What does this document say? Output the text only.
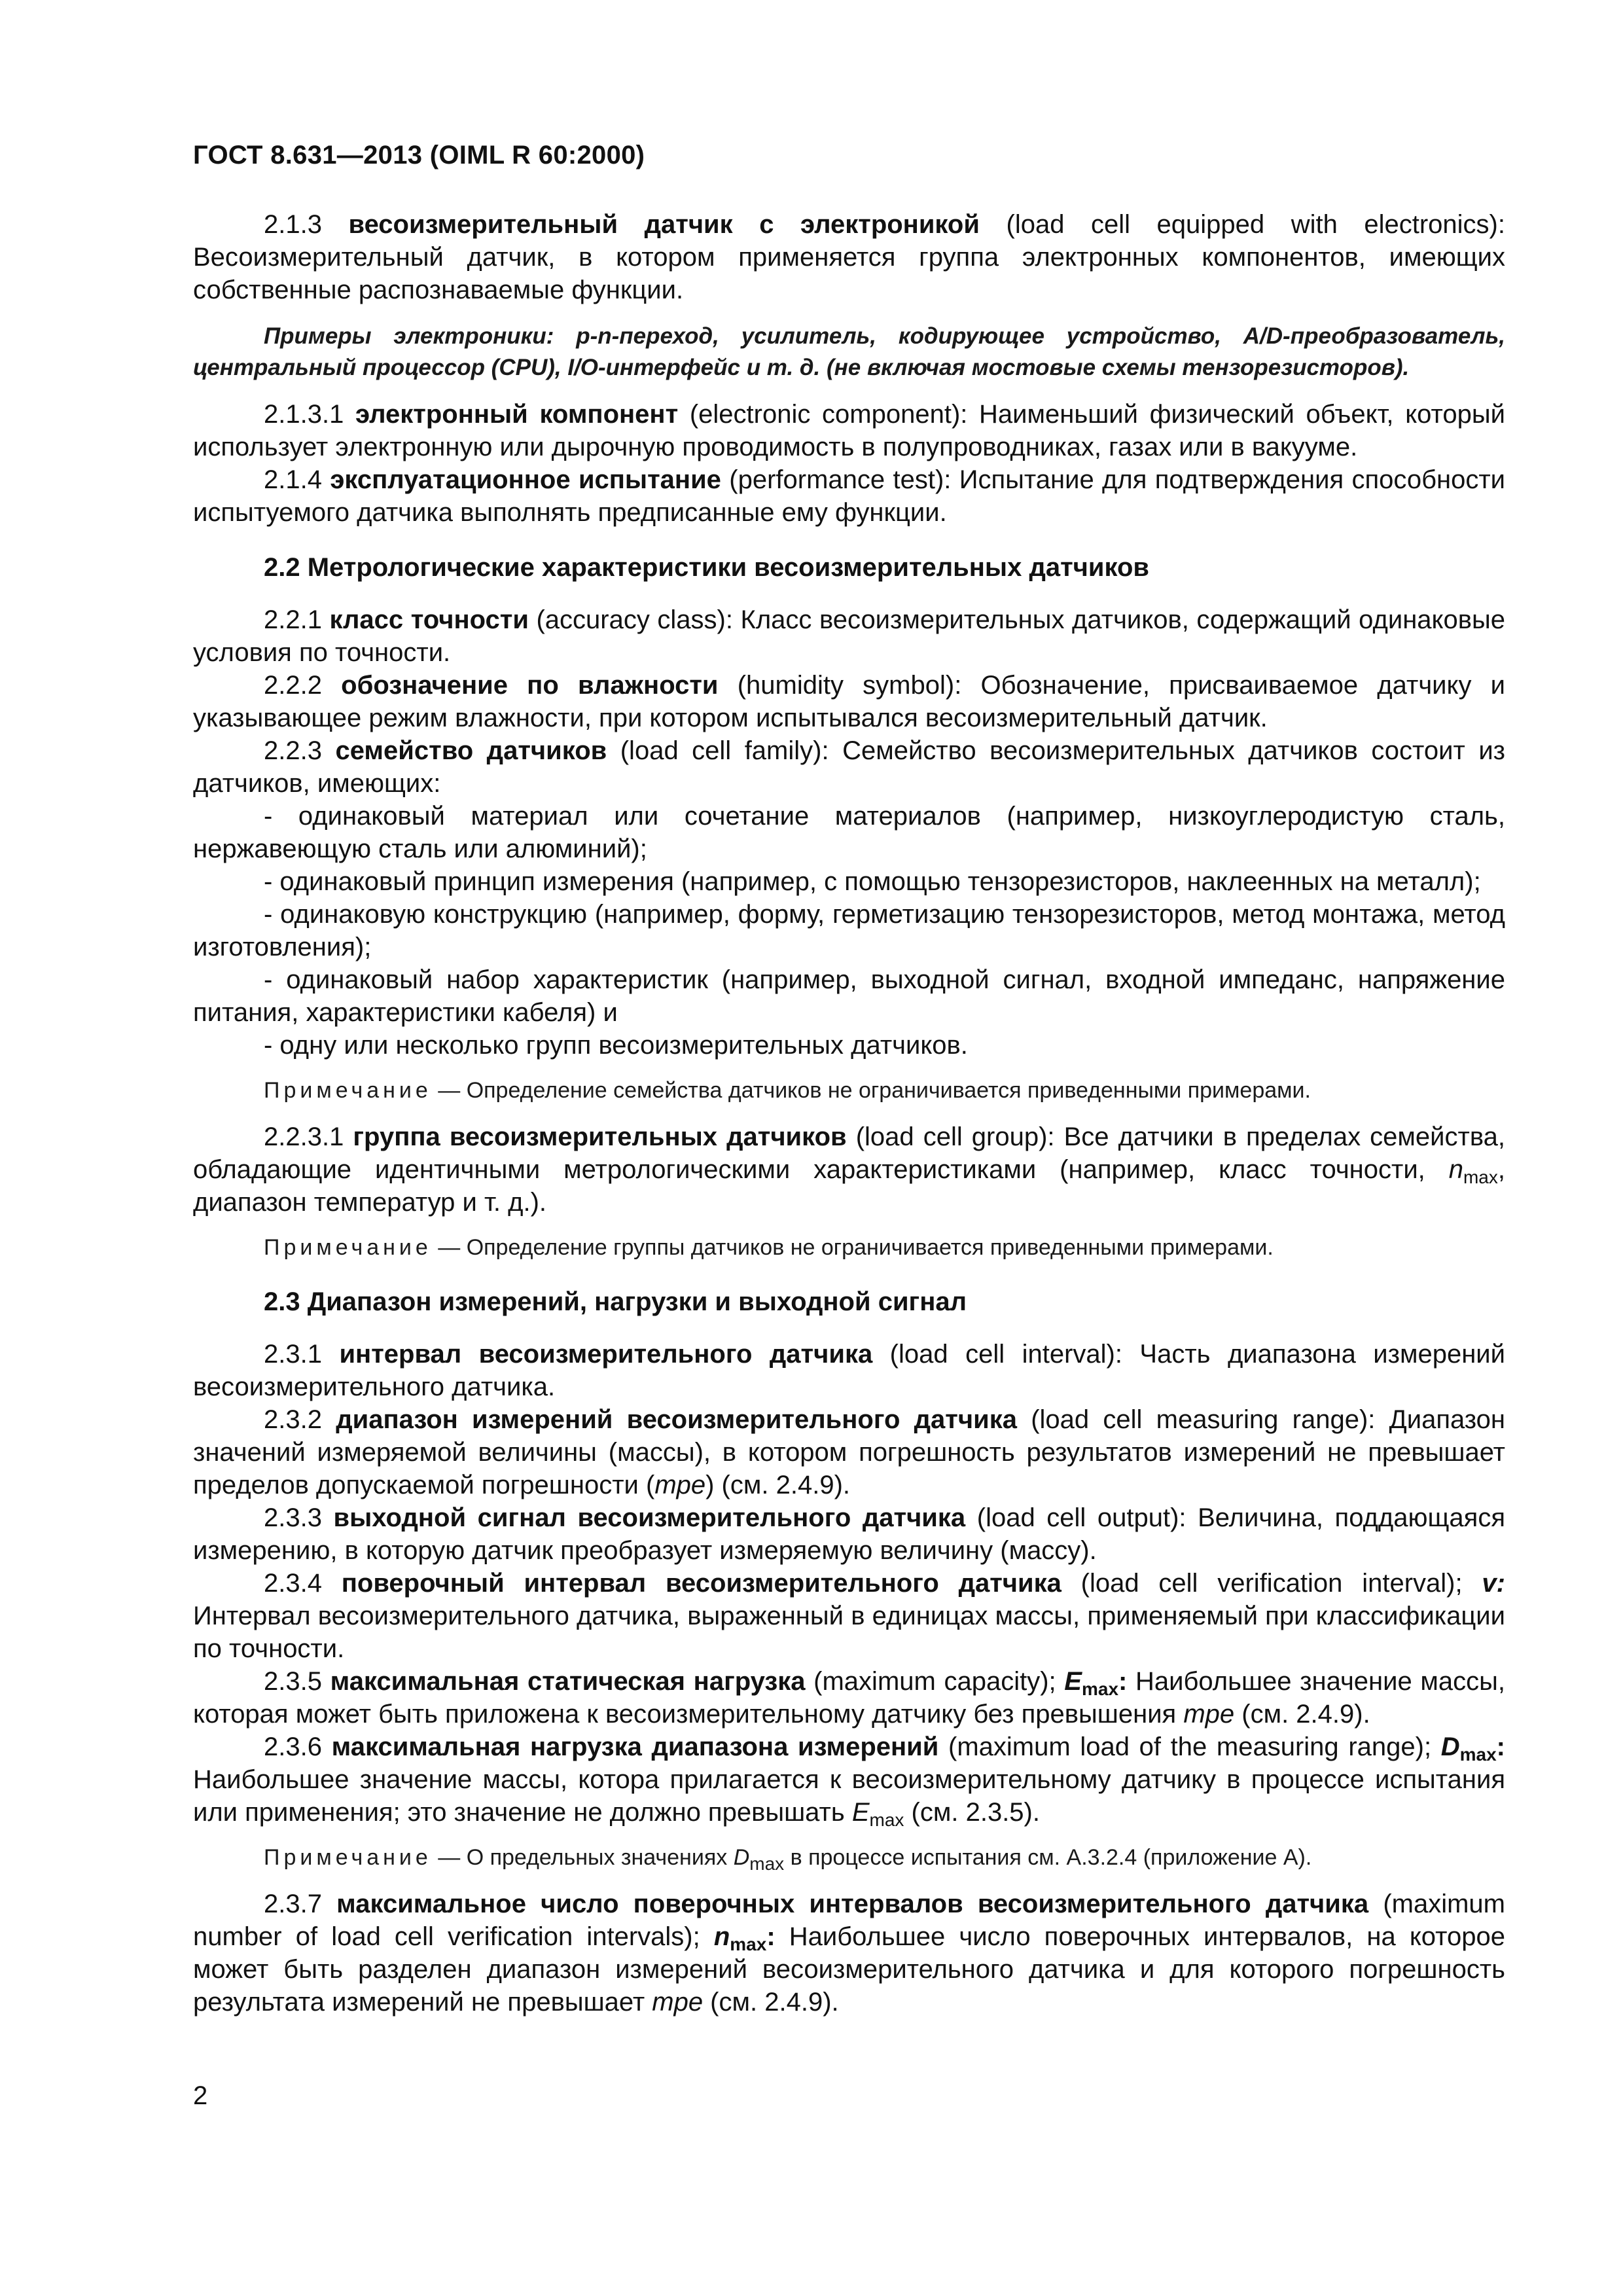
ГОСТ 8.631—2013 (OIML R 60:2000)

2.1.3 весоизмерительный датчик с электроникой (load cell equipped with electronics): Весоизмерительный датчик, в котором применяется группа электронных компонентов, имеющих собственные распознаваемые функции.

Примеры электроники: p-n-переход, усилитель, кодирующее устройство, A/D-преобразователь, центральный процессор (CPU), I/O-интерфейс и т. д. (не включая мостовые схемы тензорезисторов).

2.1.3.1 электронный компонент (electronic component): Наименьший физический объект, который использует электронную или дырочную проводимость в полупроводниках, газах или в вакууме.

2.1.4 эксплуатационное испытание (performance test): Испытание для подтверждения способности испытуемого датчика выполнять предписанные ему функции.

2.2 Метрологические характеристики весоизмерительных датчиков

2.2.1 класс точности (accuracy class): Класс весоизмерительных датчиков, содержащий одинаковые условия по точности.

2.2.2 обозначение по влажности (humidity symbol): Обозначение, присваиваемое датчику и указывающее режим влажности, при котором испытывался весоизмерительный датчик.

2.2.3 семейство датчиков (load cell family): Семейство весоизмерительных датчиков состоит из датчиков, имеющих:

- одинаковый материал или сочетание материалов (например, низкоуглеродистую сталь, нержавеющую сталь или алюминий);

- одинаковый принцип измерения (например, с помощью тензорезисторов, наклеенных на металл);

- одинаковую конструкцию (например, форму, герметизацию тензорезисторов, метод монтажа, метод изготовления);

- одинаковый набор характеристик (например, выходной сигнал, входной импеданс, напряжение питания, характеристики кабеля) и

- одну или несколько групп весоизмерительных датчиков.

Примечание — Определение семейства датчиков не ограничивается приведенными примерами.

2.2.3.1 группа весоизмерительных датчиков (load cell group): Все датчики в пределах семейства, обладающие идентичными метрологическими характеристиками (например, класс точности, $n_{max}$, диапазон температур и т. д.).

Примечание — Определение группы датчиков не ограничивается приведенными примерами.

2.3 Диапазон измерений, нагрузки и выходной сигнал

2.3.1 интервал весоизмерительного датчика (load cell interval): Часть диапазона измерений весоизмерительного датчика.

2.3.2 диапазон измерений весоизмерительного датчика (load cell measuring range): Диапазон значений измеряемой величины (массы), в котором погрешность результатов измерений не превышает пределов допускаемой погрешности (mpe) (см. 2.4.9).

2.3.3 выходной сигнал весоизмерительного датчика (load cell output): Величина, поддающаяся измерению, в которую датчик преобразует измеряемую величину (массу).

2.3.4 поверочный интервал весоизмерительного датчика (load cell verification interval); v: Интервал весоизмерительного датчика, выраженный в единицах массы, применяемый при классификации по точности.

2.3.5 максимальная статическая нагрузка (maximum capacity); $E_{max}$: Наибольшее значение массы, которая может быть приложена к весоизмерительному датчику без превышения mpe (см. 2.4.9).

2.3.6 максимальная нагрузка диапазона измерений (maximum load of the measuring range); $D_{max}$: Наибольшее значение массы, котора прилагается к весоизмерительному датчику в процессе испытания или применения; это значение не должно превышать $E_{max}$ (см. 2.3.5).

Примечание — О предельных значениях $D_{max}$ в процессе испытания см. А.3.2.4 (приложение А).

2.3.7 максимальное число поверочных интервалов весоизмерительного датчика (maximum number of load cell verification intervals); $n_{max}$: Наибольшее число поверочных интервалов, на которое может быть разделен диапазон измерений весоизмерительного датчика и для которого погрешность результата измерений не превышает mpe (см. 2.4.9).

2
